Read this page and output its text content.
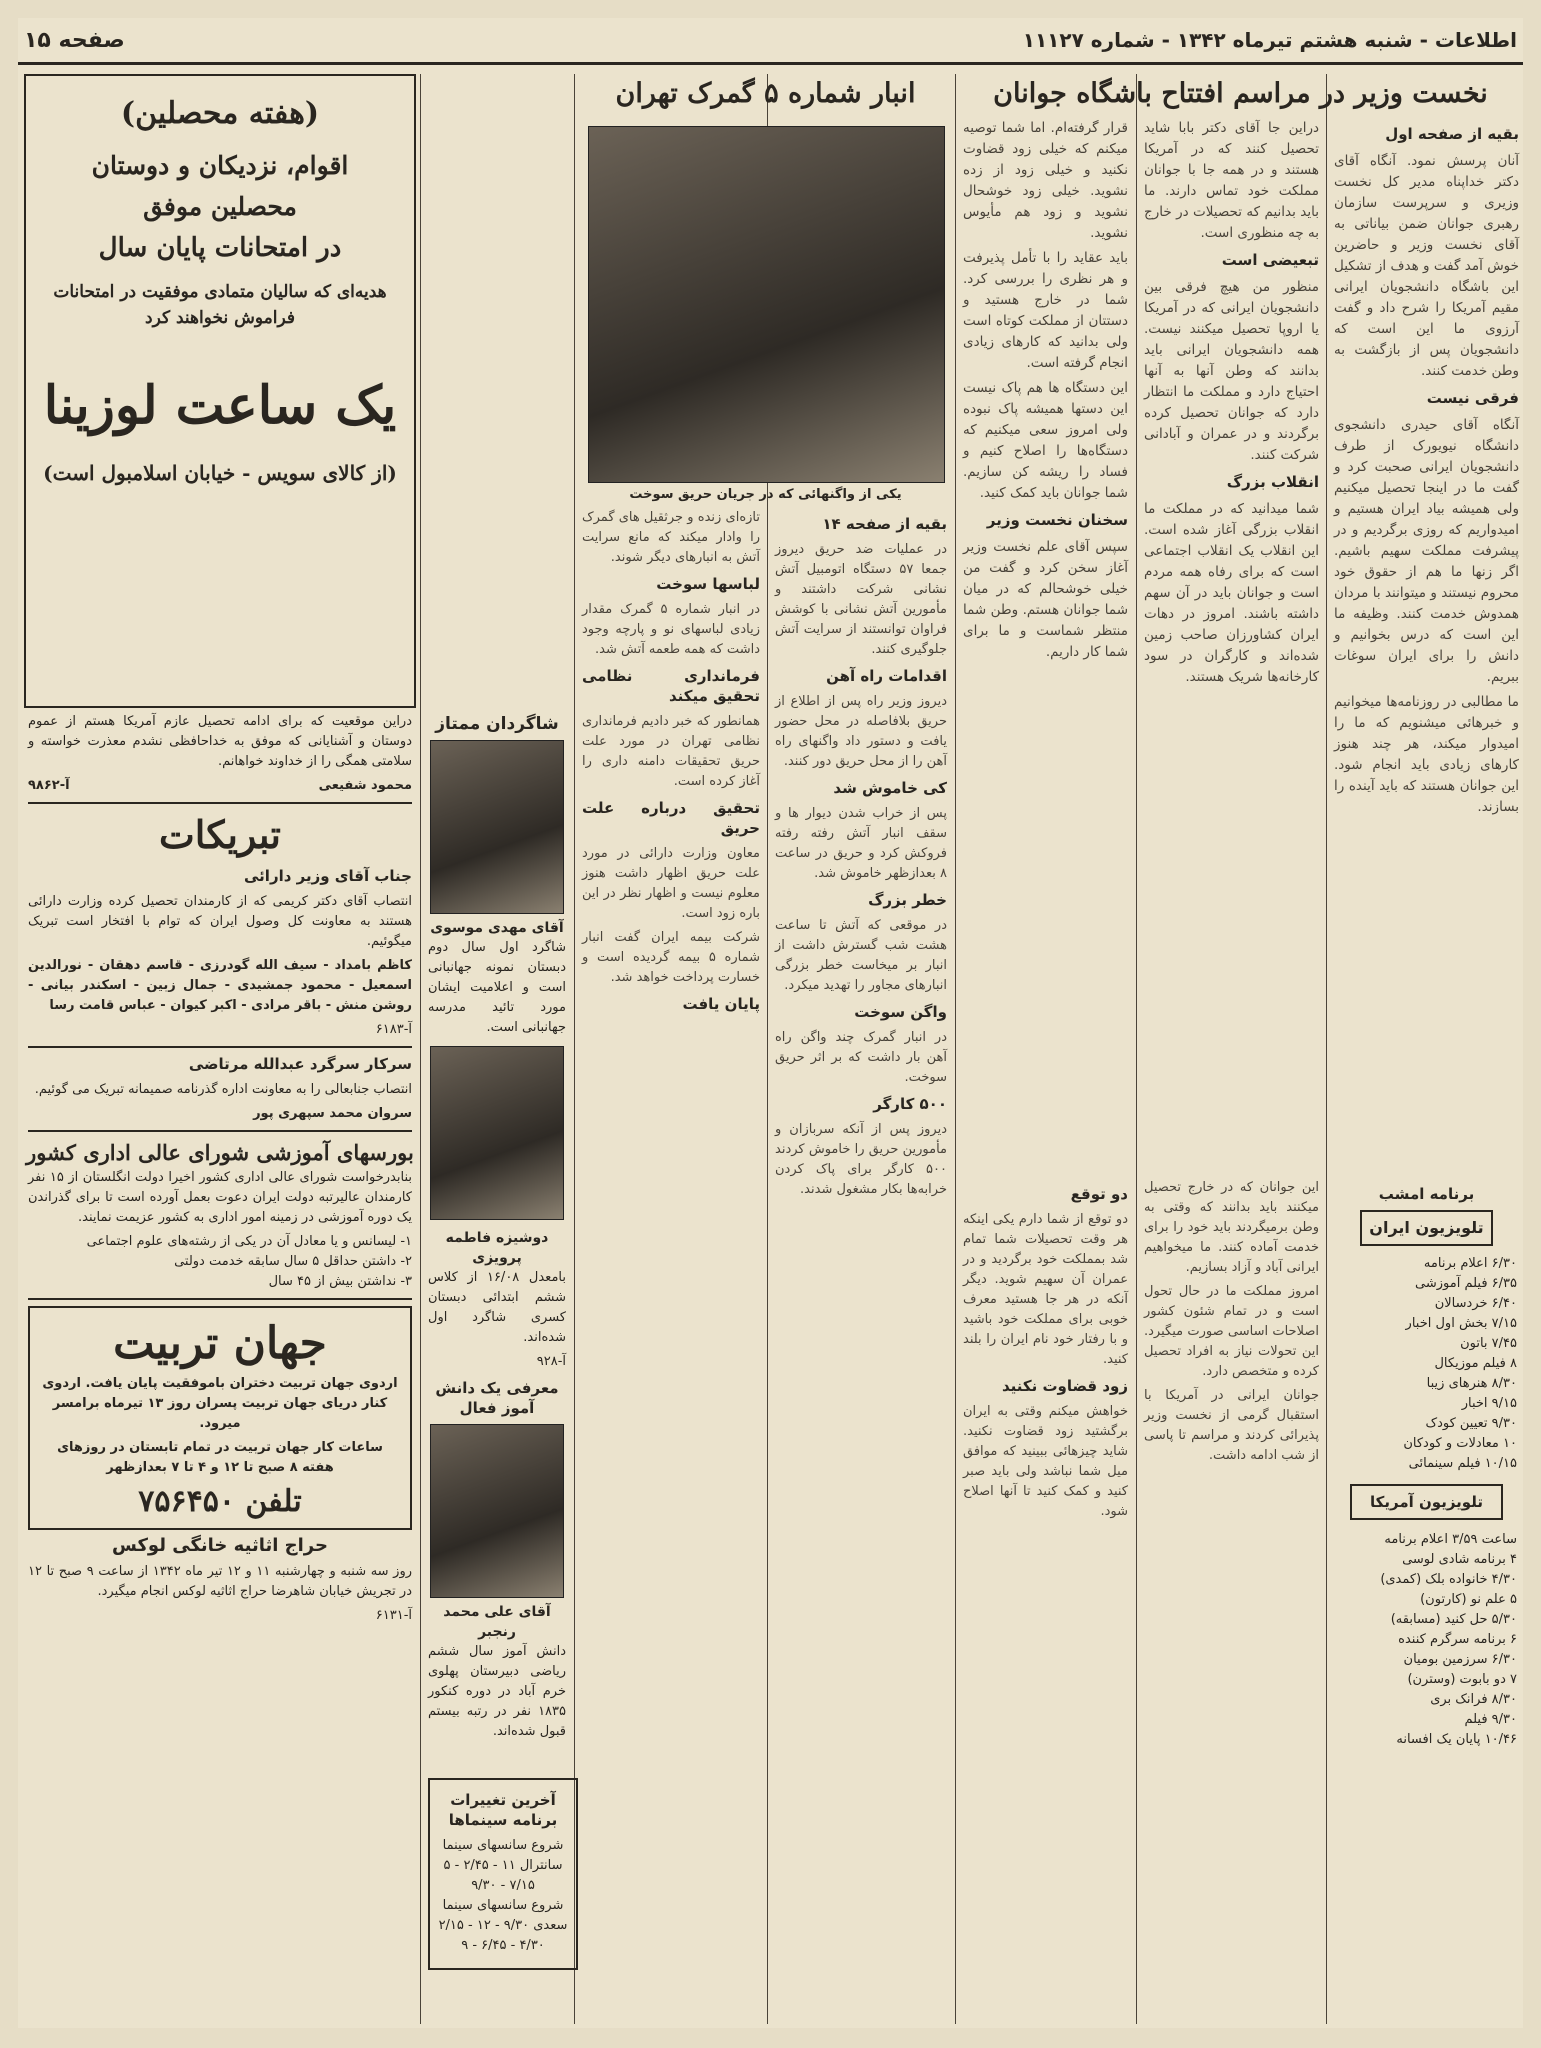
اطلاعات - شنبه هشتم تیرماه ۱۳۴۲ - شماره ۱۱۱۲۷
صفحه ۱۵
نخست وزیر در مراسم افتتاح باشگاه جوانان
انبار شماره ۵ گمرک تهران
بقیه از صفحه اول

آنان پرسش نمود. آنگاه آقای دکتر خداپناه مدیر کل نخست وزیری و سرپرست سازمان رهبری جوانان ضمن بیاناتی به آقای نخست وزیر و حاضرین خوش آمد گفت و هدف از تشکیل این باشگاه دانشجویان ایرانی مقیم آمریکا را شرح داد و گفت آرزوی ما این است که دانشجویان پس از بازگشت به وطن خدمت کنند.

فرقی نیست

آنگاه آقای حیدری دانشجوی دانشگاه نیویورک از طرف دانشجویان ایرانی صحبت کرد و گفت ما در اینجا تحصیل میکنیم ولی همیشه بیاد ایران هستیم و امیدواریم که روزی برگردیم و در پیشرفت مملکت سهیم باشیم. اگر زنها ما هم از حقوق خود محروم نیستند و میتوانند با مردان همدوش خدمت کنند. وظیفه ما این است که درس بخوانیم و دانش را برای ایران سوغات ببریم.

ما مطالبی در روزنامه‌ها میخوانیم و خبرهائی میشنویم که ما را امیدوار میکند، هر چند هنوز کارهای زیادی باید انجام شود. این جوانان هستند که باید آینده را بسازند.

دراین جا آقای دکتر بابا شاید تحصیل کنند که در آمریکا هستند و در همه جا با جوانان مملکت خود تماس دارند. ما باید بدانیم که تحصیلات در خارج به چه منظوری است.

تبعیضی است

منظور من هیچ فرقی بین دانشجویان ایرانی که در آمریکا یا اروپا تحصیل میکنند نیست. همه دانشجویان ایرانی باید بدانند که وطن آنها به آنها احتیاج دارد و مملکت ما انتظار دارد که جوانان تحصیل کرده برگردند و در عمران و آبادانی شرکت کنند.

انقلاب بزرگ

شما میدانید که در مملکت ما انقلاب بزرگی آغاز شده است. این انقلاب یک انقلاب اجتماعی است که برای رفاه همه مردم است و جوانان باید در آن سهم داشته باشند. امروز در دهات ایران کشاورزان صاحب زمین شده‌اند و کارگران در سود کارخانه‌ها شریک هستند.

قرار گرفته‌ام. اما شما توصیه میکنم که خیلی زود قضاوت نکنید و خیلی زود از زده نشوید. خیلی زود خوشحال نشوید و زود هم مأیوس نشوید.

باید عقاید را با تأمل پذیرفت و هر نظری را بررسی کرد. شما در خارج هستید و دستتان از مملکت کوتاه است ولی بدانید که کارهای زیادی انجام گرفته است.

این دستگاه ها هم پاک نیست این دستها همیشه پاک نبوده ولی امروز سعی میکنیم که دستگاه‌ها را اصلاح کنیم و فساد را ریشه کن سازیم. شما جوانان باید کمک کنید.

سخنان نخست وزیر

سپس آقای علم نخست وزیر آغاز سخن کرد و گفت من خیلی خوشحالم که در میان شما جوانان هستم. وطن شما منتظر شماست و ما برای شما کار داریم.

دو توقع

دو توقع از شما دارم یکی اینکه هر وقت تحصیلات شما تمام شد بمملکت خود برگردید و در عمران آن سهیم شوید. دیگر آنکه در هر جا هستید معرف خوبی برای مملکت خود باشید و با رفتار خود نام ایران را بلند کنید.

زود قضاوت نکنید

خواهش میکنم وقتی به ایران برگشتید زود قضاوت نکنید. شاید چیزهائی ببینید که موافق میل شما نباشد ولی باید صبر کنید و کمک کنید تا آنها اصلاح شود.

این جوانان که در خارج تحصیل میکنند باید بدانند که وقتی به وطن برمیگردند باید خود را برای خدمت آماده کنند. ما میخواهیم ایرانی آباد و آزاد بسازیم.

امروز مملکت ما در حال تحول است و در تمام شئون کشور اصلاحات اساسی صورت میگیرد. این تحولات نیاز به افراد تحصیل کرده و متخصص دارد.

جوانان ایرانی در آمریکا با استقبال گرمی از نخست وزیر پذیرائی کردند و مراسم تا پاسی از شب ادامه داشت.

برنامه امشب
تلویزیون ایران
۶/۳۰ اعلام برنامه
۶/۳۵ فیلم آموزشی
۶/۴۰ خردسالان
۷/۱۵ بخش اول اخبار
۷/۴۵ باتون
۸ فیلم موزیکال
۸/۳۰ هنرهای زیبا
۹/۱۵ اخبار
۹/۳۰ تعیین کودک
۱۰ معادلات و کودکان
۱۰/۱۵ فیلم سینمائی
تلویزیون آمریکا
ساعت ۳/۵۹ اعلام برنامه
۴ برنامه شادی لوسی
۴/۳۰ خانواده بلک (کمدی)
۵ علم نو (کارتون)
۵/۳۰ حل کنید (مسابقه)
۶ برنامه سرگرم کننده
۶/۳۰ سرزمین بومیان
۷ دو بابوت (وسترن)
۸/۳۰ فرانک بری
۹/۳۰ فیلم
۱۰/۴۶ پایان یک افسانه
یکی از واگنهائی که در جریان حریق سوخت
بقیه از صفحه ۱۴

در عملیات ضد حریق دیروز جمعا ۵۷ دستگاه اتومبیل آتش نشانی شرکت داشتند و مأمورین آتش نشانی با کوشش فراوان توانستند از سرایت آتش جلوگیری کنند.

اقدامات راه آهن

دیروز وزیر راه پس از اطلاع از حریق بلافاصله در محل حضور یافت و دستور داد واگنهای راه آهن را از محل حریق دور کنند.

کی خاموش شد

پس از خراب شدن دیوار ها و سقف انبار آتش رفته رفته فروکش کرد و حریق در ساعت ۸ بعدازظهر خاموش شد.

خطر بزرگ

در موقعی که آتش تا ساعت هشت شب گسترش داشت از انبار بر میخاست خطر بزرگی انبارهای مجاور را تهدید میکرد.

واگن سوخت

در انبار گمرک چند واگن راه آهن بار داشت که بر اثر حریق سوخت.

۵۰۰ کارگر

دیروز پس از آنکه سربازان و مأمورین حریق را خاموش کردند ۵۰۰ کارگر برای پاک کردن خرابه‌ها بکار مشغول شدند.

تازه‌ای زنده و جرثقیل های گمرک را وادار میکند که مانع سرایت آتش به انبارهای دیگر شوند.

لباسها سوخت

در انبار شماره ۵ گمرک مقدار زیادی لباسهای نو و پارچه وجود داشت که همه طعمه آتش شد.

فرمانداری نظامی تحقیق میکند

همانطور که خبر دادیم فرمانداری نظامی تهران در مورد علت حریق تحقیقات دامنه داری را آغاز کرده است.

تحقیق درباره علت حریق

معاون وزارت دارائی در مورد علت حریق اظهار داشت هنوز معلوم نیست و اظهار نظر در این باره زود است.

شرکت بیمه ایران گفت انبار شماره ۵ بیمه گردیده است و خسارت پرداخت خواهد شد.

پایان یافت
(هفته محصلین)
اقوام، نزدیکان و دوستان
محصلین موفق
در امتحانات پایان سال
هدیه‌ای که سالیان متمادی موفقیت در امتحانات فراموش نخواهند کرد
یک ساعت لوزینا
(از کالای سویس - خیابان اسلامبول است)
شاگردان ممتاز
آقای مهدی موسوی

شاگرد اول سال دوم دبستان نمونه جهانبانی است و اعلامیت ایشان مورد تائید مدرسه جهانبانی است.

دوشیزه فاطمه پرویزی

بامعدل ۱۶/۰۸ از کلاس ششم ابتدائی دبستان کسری شاگرد اول شده‌اند.

آ-۹۲۸
معرفی یک دانش آموز فعال
آقای علی محمد رنجبر

دانش آموز سال ششم ریاضی دبیرستان پهلوی خرم آباد در دوره کنکور ۱۸۳۵ نفر در رتبه بیستم قبول شده‌اند.

دراین موقعیت که برای ادامه تحصیل عازم آمریکا هستم از عموم دوستان و آشنایانی که موفق به خداحافظی نشدم معذرت خواسته و سلامتی همگی را از خداوند خواهانم.

محمود شفیعی
آ-۹۸۶۲
تبریکات
جناب آقای وزیر دارائی

انتصاب آقای دکتر کریمی که از کارمندان تحصیل کرده وزارت دارائی هستند به معاونت کل وصول ایران که توام با افتخار است تبریک میگوئیم.

کاظم بامداد - سیف الله گودرزی - قاسم دهقان - نورالدین اسمعیل - محمود جمشیدی - جمال زبین - اسکندر بیانی - روشن منش - باقر مرادی - اکبر کیوان - عباس قامت رسا

آ-۶۱۸۳
سرکار سرگرد عبدالله مرتاضی

انتصاب جنابعالی را به معاونت اداره گذرنامه صمیمانه تبریک می گوئیم.

سروان محمد سپهری پور
بورسهای آموزشی شورای عالی اداری کشور

بنابدرخواست شورای عالی اداری کشور اخیرا دولت انگلستان از ۱۵ نفر کارمندان عالیرتبه دولت ایران دعوت بعمل آورده است تا برای گذراندن یک دوره آموزشی در زمینه امور اداری به کشور عزیمت نمایند.

۱- لیسانس و یا معادل آن در یکی از رشته‌های علوم اجتماعی
۲- داشتن حداقل ۵ سال سابقه خدمت دولتی
۳- نداشتن بیش از ۴۵ سال
جهان تربیت

اردوی جهان تربیت دختران باموفقیت پایان یافت. اردوی کنار دریای جهان تربیت پسران روز ۱۳ تیرماه برامسر میرود.

ساعات کار جهان تربیت در تمام تابستان در روزهای هفته ۸ صبح تا ۱۲ و ۴ تا ۷ بعدازظهر

تلفن ۷۵۶۴۵۰
حراج اثاثیه خانگی لوکس

روز سه شنبه و چهارشنبه ۱۱ و ۱۲ تیر ماه ۱۳۴۲ از ساعت ۹ صبح تا ۱۲ در تجریش خیابان شاهرضا حراج اثاثیه لوکس انجام میگیرد.

آ-۶۱۳۱
آخرین تغییرات برنامه سینماها
شروع سانسهای سینما
سانترال ۱۱ - ۲/۴۵ - ۵
۷/۱۵ - ۹/۳۰
شروع سانسهای سینما
سعدی ۹/۳۰ - ۱۲ - ۲/۱۵
۴/۳۰ - ۶/۴۵ - ۹
